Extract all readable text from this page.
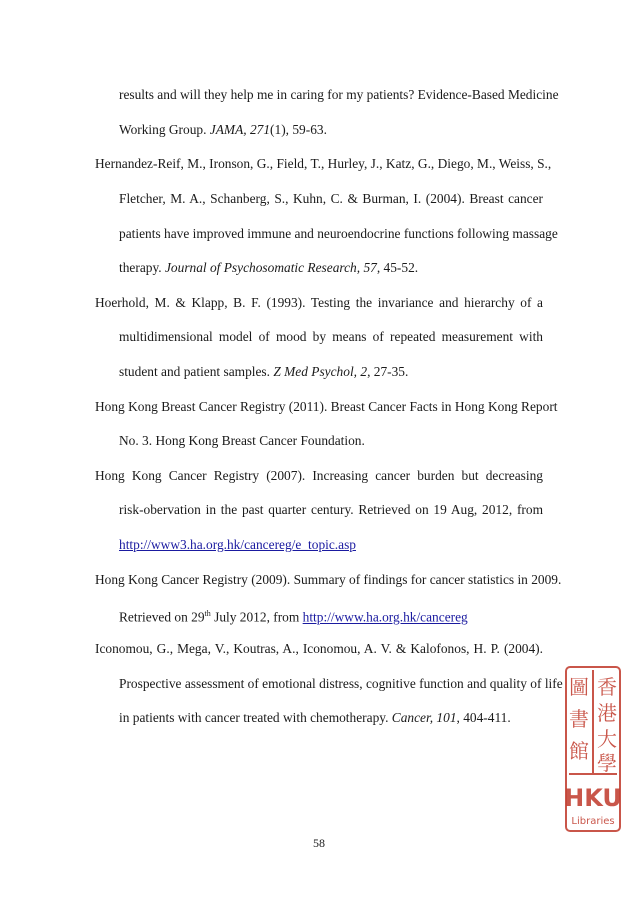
results and will they help me in caring for my patients? Evidence-Based Medicine
Working Group. JAMA, 271(1), 59-63.
Hernandez-Reif, M., Ironson, G., Field, T., Hurley, J., Katz, G., Diego, M., Weiss, S.,
Fletcher, M. A., Schanberg, S., Kuhn, C. & Burman, I. (2004). Breast cancer
patients have improved immune and neuroendocrine functions following massage
therapy. Journal of Psychosomatic Research, 57, 45-52.
Hoerhold, M. & Klapp, B. F. (1993). Testing the invariance and hierarchy of a
multidimensional model of mood by means of repeated measurement with
student and patient samples. Z Med Psychol, 2, 27-35.
Hong Kong Breast Cancer Registry (2011). Breast Cancer Facts in Hong Kong Report
No. 3. Hong Kong Breast Cancer Foundation.
Hong Kong Cancer Registry (2007). Increasing cancer burden but decreasing
risk-obervation in the past quarter century. Retrieved on 19 Aug, 2012, from
http://www3.ha.org.hk/cancereg/e_topic.asp
Hong Kong Cancer Registry (2009). Summary of findings for cancer statistics in 2009.
Retrieved on 29th July 2012, from http://www.ha.org.hk/cancereg
Iconomou, G., Mega, V., Koutras, A., Iconomou, A. V. & Kalofonos, H. P. (2004).
Prospective assessment of emotional distress, cognitive function and quality of life
in patients with cancer treated with chemotherapy. Cancer, 101, 404-411.
58
香
港
大
學
圖
書
館
HKU
Libraries
